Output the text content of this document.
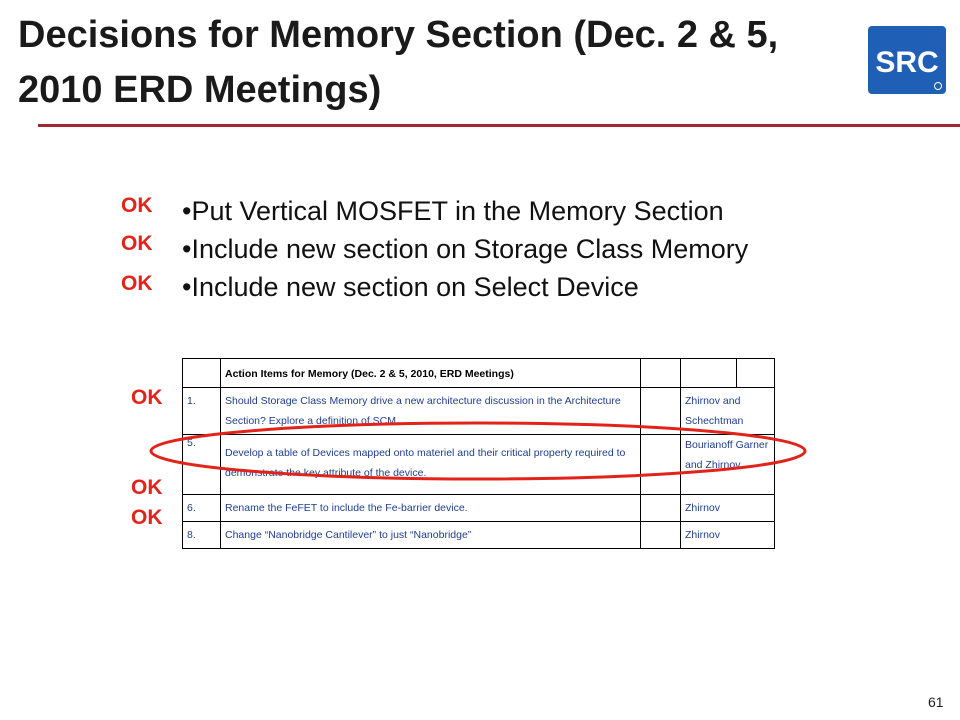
Decisions for Memory Section (Dec. 2 & 5, 2010 ERD Meetings)
SRC
OK
OK
OK
•Put Vertical MOSFET in the Memory Section
•Include new section on Storage Class Memory
•Include new section on Select Device
OK
OK
OK
	Action Items for Memory (Dec. 2 & 5, 2010, ERD Meetings)			
1.	Should Storage Class Memory drive a new architecture discussion in the Architecture Section? Explore a definition of SCM		Zhirnov and Schechtman	
5.	Develop a table of Devices mapped onto materiel and their critical property required to demonstrate the key attribute of the device.		Bourianoff Garner and Zhirnov	
6.	Rename the FeFET to include the Fe-barrier device.		Zhirnov	
8.	Change “Nanobridge Cantilever” to just “Nanobridge”		Zhirnov	
61
